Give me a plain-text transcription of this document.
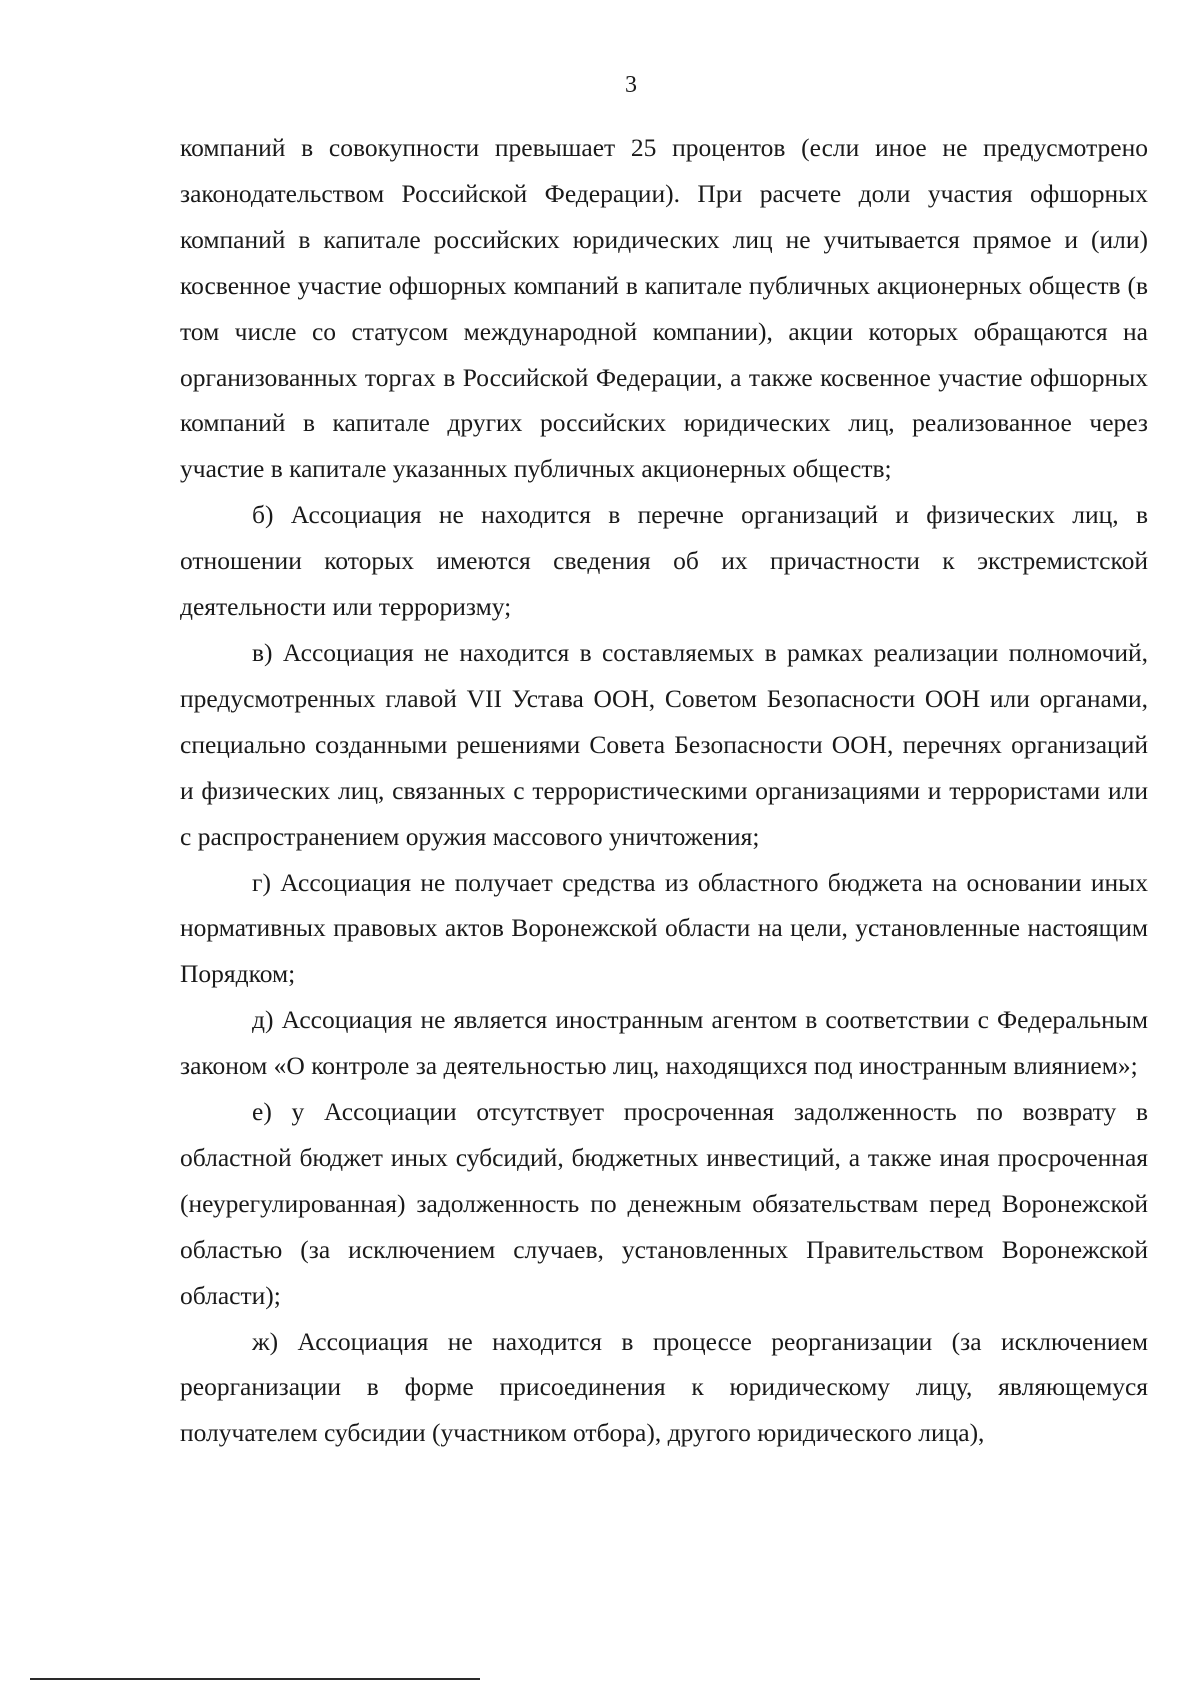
3

компаний в совокупности превышает 25 процентов (если иное не предусмотрено законодательством Российской Федерации). При расчете доли участия офшорных компаний в капитале российских юридических лиц не учитывается прямое и (или) косвенное участие офшорных компаний в капитале публичных акционерных обществ (в том числе со статусом международной компании), акции которых обращаются на организованных торгах в Российской Федерации, а также косвенное участие офшорных компаний в капитале других российских юридических лиц, реализованное через участие в капитале указанных публичных акционерных обществ;

б) Ассоциация не находится в перечне организаций и физических лиц, в отношении которых имеются сведения об их причастности к экстремистской деятельности или терроризму;

в) Ассоциация не находится в составляемых в рамках реализации полномочий, предусмотренных главой VII Устава ООН, Советом Безопасности ООН или органами, специально созданными решениями Совета Безопасности ООН, перечнях организаций и физических лиц, связанных с террористическими организациями и террористами или с распространением оружия массового уничтожения;

г) Ассоциация не получает средства из областного бюджета на основании иных нормативных правовых актов Воронежской области на цели, установленные настоящим Порядком;

д) Ассоциация не является иностранным агентом в соответствии с Федеральным законом «О контроле за деятельностью лиц, находящихся под иностранным влиянием»;

е) у Ассоциации отсутствует просроченная задолженность по возврату в областной бюджет иных субсидий, бюджетных инвестиций, а также иная просроченная (неурегулированная) задолженность по денежным обязательствам перед Воронежской областью (за исключением случаев, установленных Правительством Воронежской области);

ж) Ассоциация не находится в процессе реорганизации (за исключением реорганизации в форме присоединения к юридическому лицу, являющемуся получателем субсидии (участником отбора), другого юридического лица),
